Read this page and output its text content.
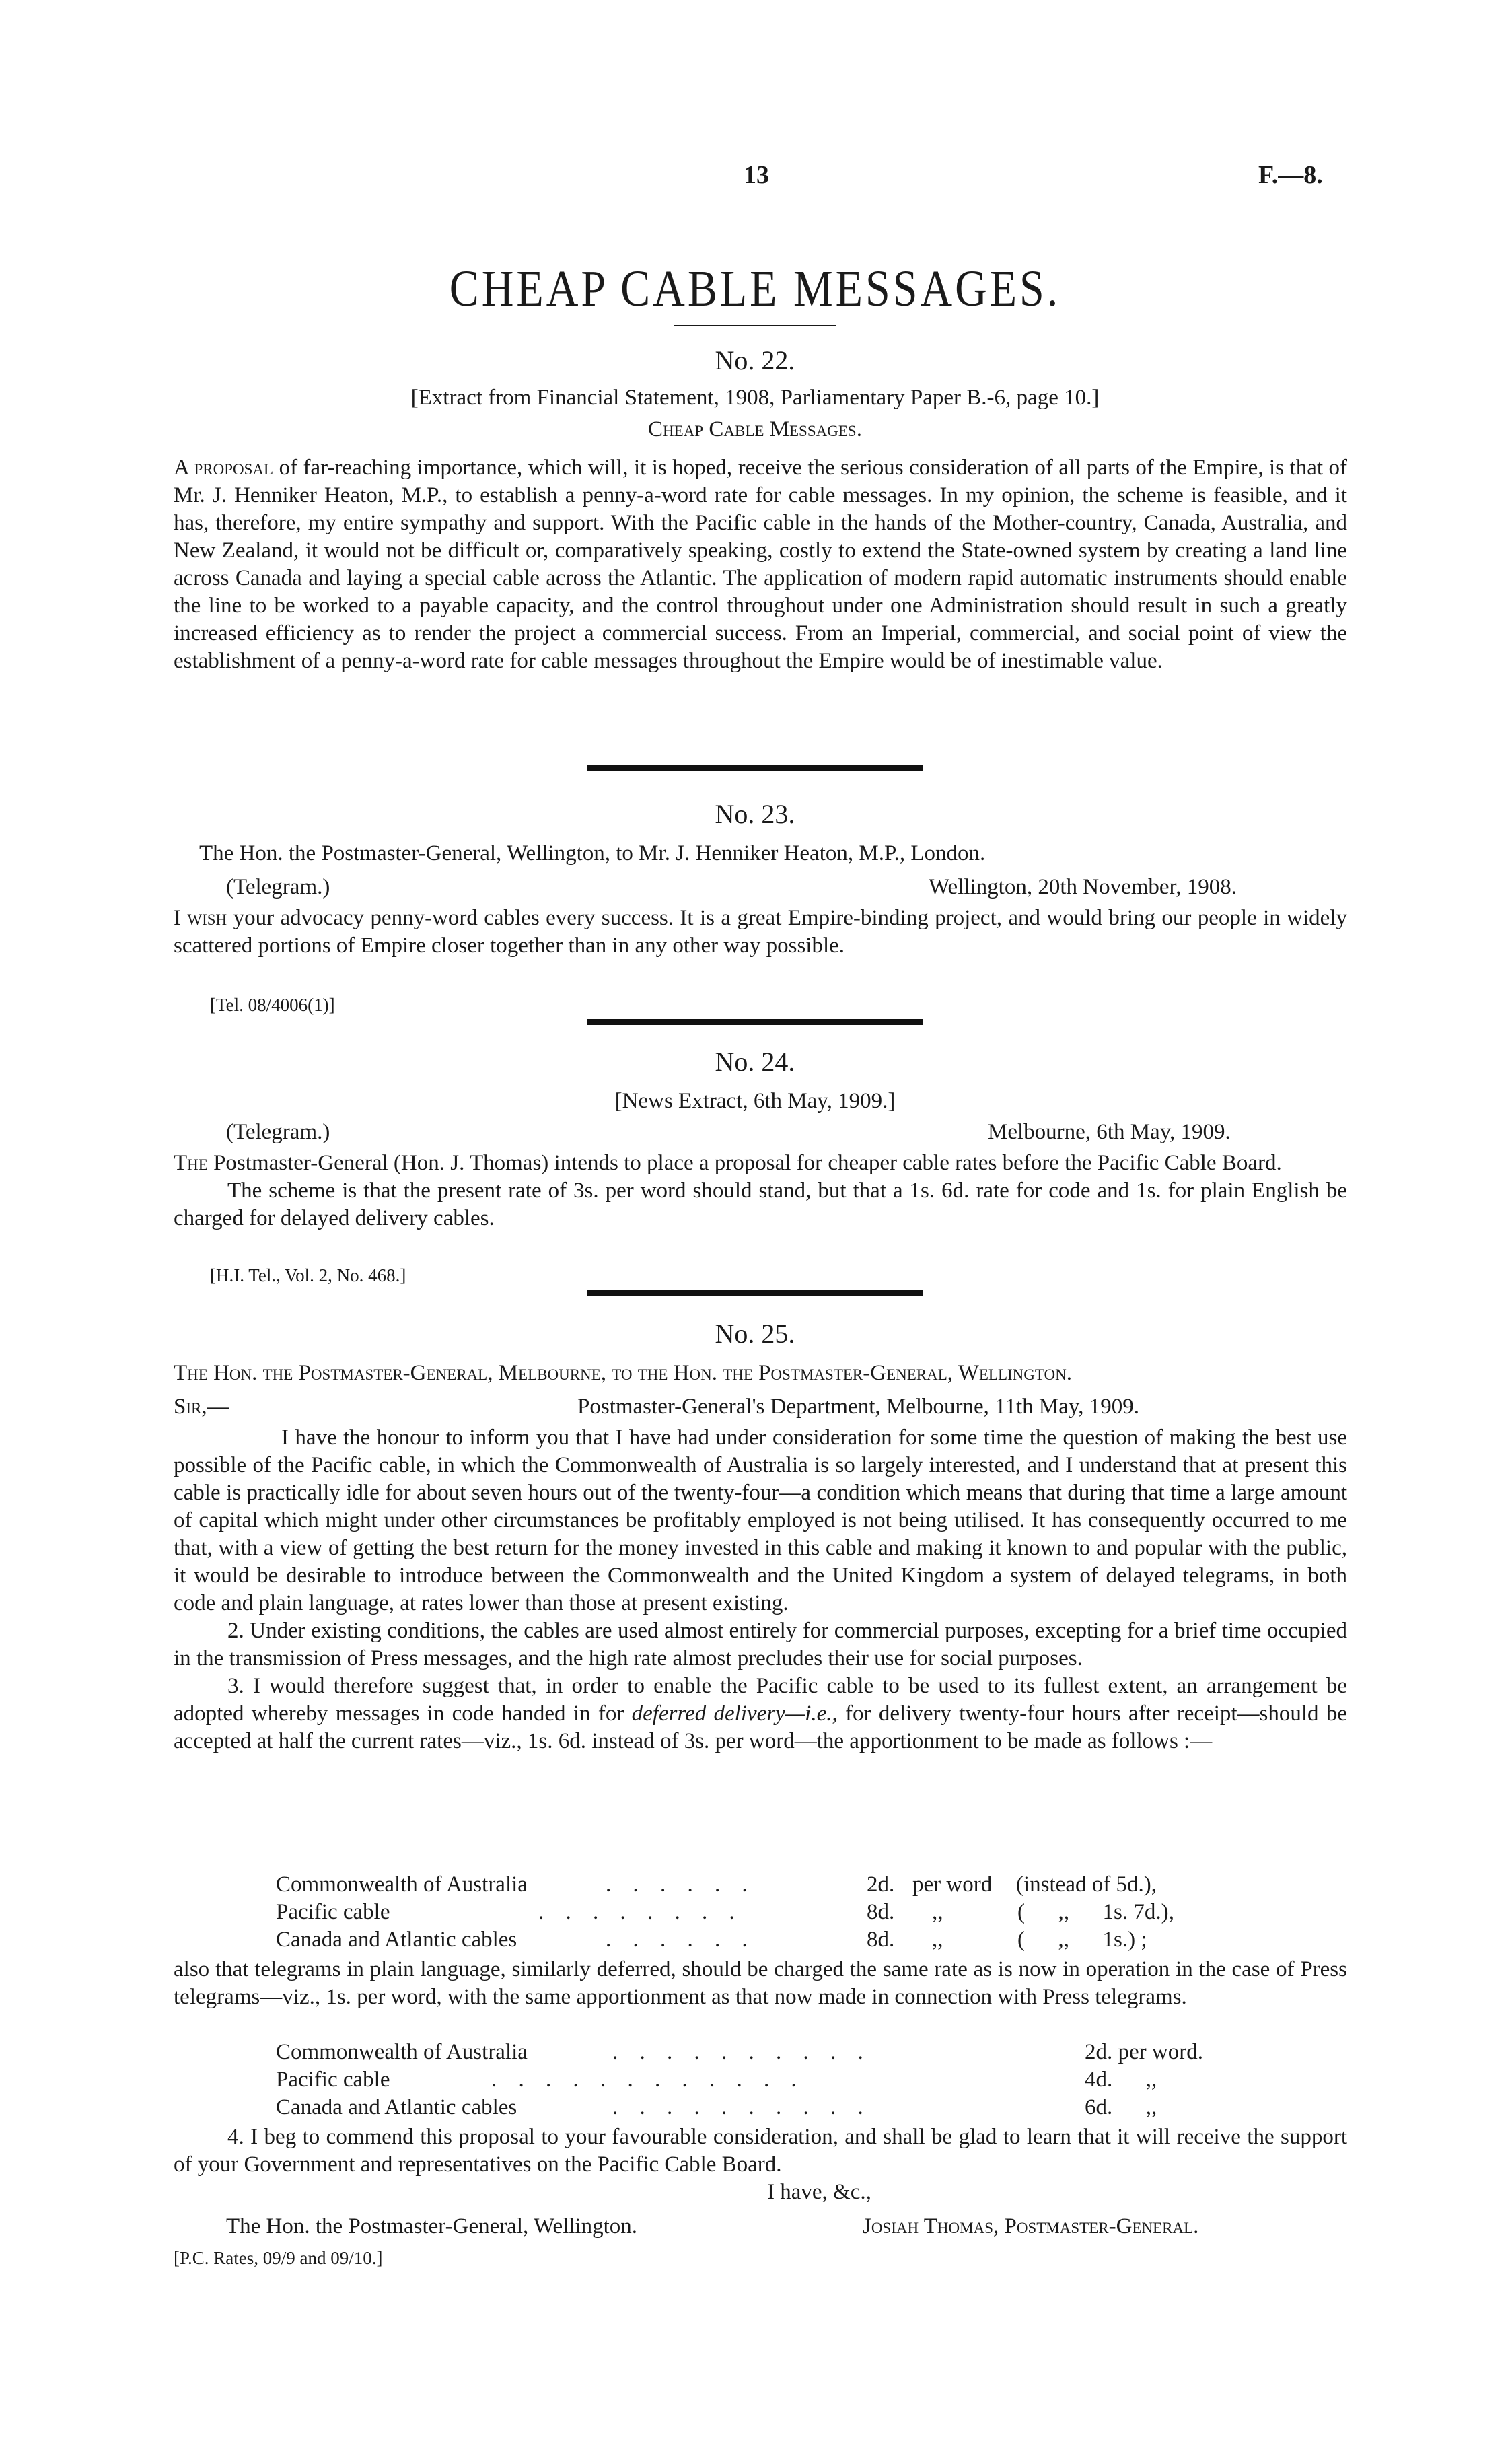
13	F.—8.
CHEAP CABLE MESSAGES.
No. 22.
[Extract from Financial Statement, 1908, Parliamentary Paper B.-6, page 10.]
Cheap Cable Messages.

A proposal of far-reaching importance, which will, it is hoped, receive the serious consideration of all parts of the Empire, is that of Mr. J. Henniker Heaton, M.P., to establish a penny-a-word rate for cable messages. In my opinion, the scheme is feasible, and it has, therefore, my entire sympathy and support. With the Pacific cable in the hands of the Mother-country, Canada, Australia, and New Zealand, it would not be difficult or, comparatively speaking, costly to extend the State-owned system by creating a land line across Canada and laying a special cable across the Atlantic. The application of modern rapid automatic instruments should enable the line to be worked to a payable capacity, and the control throughout under one Administration should result in such a greatly increased efficiency as to render the project a commercial success. From an Imperial, commercial, and social point of view the establishment of a penny-a-word rate for cable messages throughout the Empire would be of inestimable value.

No. 23.
The Hon. the Postmaster-General, Wellington, to Mr. J. Henniker Heaton, M.P., London.
(Telegram.)	Wellington, 20th November, 1908.

I wish your advocacy penny-word cables every success. It is a great Empire-binding project, and would bring our people in widely scattered portions of Empire closer together than in any other way possible.

[Tel. 08/4006(1)]
No. 24.
[News Extract, 6th May, 1909.]
(Telegram.)	Melbourne, 6th May, 1909.

The Postmaster-General (Hon. J. Thomas) intends to place a proposal for cheaper cable rates before the Pacific Cable Board.

The scheme is that the present rate of 3s. per word should stand, but that a 1s. 6d. rate for code and 1s. for plain English be charged for delayed delivery cables.

[H.I. Tel., Vol. 2, No. 468.]
No. 25.
The Hon. the Postmaster-General, Melbourne, to the Hon. the Postmaster-General, Wellington.
Sir,—	Postmaster-General's Department, Melbourne, 11th May, 1909.

I have the honour to inform you that I have had under consideration for some time the question of making the best use possible of the Pacific cable, in which the Commonwealth of Australia is so largely interested, and I understand that at present this cable is practically idle for about seven hours out of the twenty-four—a condition which means that during that time a large amount of capital which might under other circumstances be profitably employed is not being utilised. It has consequently occurred to me that, with a view of getting the best return for the money invested in this cable and making it known to and popular with the public, it would be desirable to introduce between the Commonwealth and the United Kingdom a system of delayed telegrams, in both code and plain language, at rates lower than those at present existing.

2. Under existing conditions, the cables are used almost entirely for commercial purposes, excepting for a brief time occupied in the transmission of Press messages, and the high rate almost precludes their use for social purposes.

3. I would therefore suggest that, in order to enable the Pacific cable to be used to its fullest extent, an arrangement be adopted whereby messages in code handed in for deferred delivery—i.e., for delivery twenty-four hours after receipt—should be accepted at half the current rates—viz., 1s. 6d. instead of 3s. per word—the apportionment to be made as follows :—

Commonwealth of Australia	. . . . . .	2d. per word (instead of 5d.),
Pacific cable	. . . . . . . .	8d. ,,	(      ,,      1s. 7d.),
Canada and Atlantic cables	. . . . . .	8d. ,,	(      ,,      1s.) ;

also that telegrams in plain language, similarly deferred, should be charged the same rate as is now in operation in the case of Press telegrams—viz., 1s. per word, with the same apportionment as that now made in connection with Press telegrams.

Commonwealth of Australia	. . . . . . . . . .	2d. per word.
Pacific cable	. . . . . . . . . . . .	4d.      ,,
Canada and Atlantic cables	. . . . . . . . . .	6d.      ,,

4. I beg to commend this proposal to your favourable consideration, and shall be glad to learn that it will receive the support of your Government and representatives on the Pacific Cable Board.

I have, &c.,
The Hon. the Postmaster-General, Wellington.	Josiah Thomas, Postmaster-General.
[P.C. Rates, 09/9 and 09/10.]
